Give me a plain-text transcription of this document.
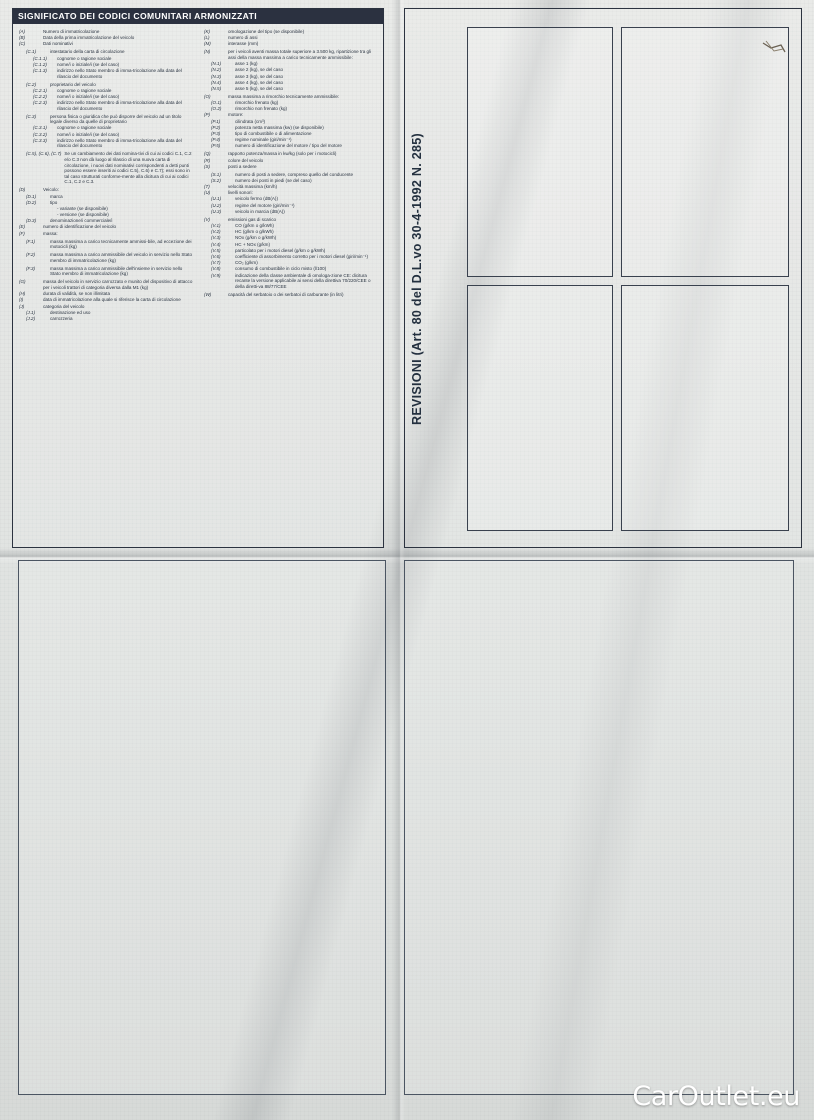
SIGNIFICATO DEI CODICI COMUNITARI ARMONIZZATI
(A)	Numero di immatricolazione
(B)	Data della prima immatricolazione del veicolo
(C)	Dati nominativi
(C.1)	intestatario della carta di circolazione
(C.1.1)	cognome o ragione sociale
(C.1.2)	nome/i o iniziale/i (se del caso)
(C.1.3)	indirizzo nello Stato membro di imma-tricolazione alla data del rilascio del documento
(C.2)	proprietario del veicolo
(C.2.1)	cognome o ragione sociale
(C.2.2)	nome/i o iniziale/i (se del caso)
(C.2.3)	indirizzo nello Stato membro di imma-tricolazione alla data del rilascio del documento
(C.3)	persona fisica o giuridica che può disporre del veicolo ad un titolo legale diverso da quelle di proprietario
(C.3.1)	cognome o ragione sociale
(C.3.2)	nome/i o iniziale/i (se del caso)
(C.3.3)	indirizzo nello Stato membro di imma-tricolazione alla data del rilascio del documento
(C.5), (C.6), (C.7) Se un cambiamento dei dati nomina-tivi di cui ai codici C.1, C.2 e/o C.3 non dà luogo al rilascio di una nuova carta di circolazione, i nuovi dati nominativi corrispondenti a detti punti possono essere inseriti ai codici C.5), C.6) e C.7); essi sono in tal caso strutturati conforme-mente alla dicitura di cui ai codici C.1, C.2 e C.3.
(D)	Veicolo:
(D.1)	marca
(D.2)	tipo
- variante (se disponibile)
- versione (se disponibile)
(D.3)	denominazione/i commerciale/i
(E)	numero di identificazione del veicolo
(F)	massa:
(F.1)	massa massima a carico tecnicamente ammissi-bile, ad eccezione dei motocicli (kg)
(F.2)	massa massima a carico ammissibile del veicolo in servizio nello Stato membro di immatricolazione (kg)
(F.3)	massa massima a carico ammissibile dell'insieme in servizio nello Stato membro di immatricolazione (kg)
(G)	massa del veicolo in servizio carrozzato e munito del dispositivo di attacco per i veicoli trattori di categoria diversa dalla M1 (kg)
(H)	durata di validità, se non illimitata
(I)	data di immatricolazione alla quale si riferisce la carta di circolazione
(J)	categoria del veicolo
(J.1)	destinazione ed uso
(J.2)	carrozzeria
(K)	omologazione del tipo (se disponibile)
(L)	numero di assi
(M)	interasse (mm)
(N)	per i veicoli aventi massa totale superiore a 3.500 kg, ripartizione tra gli assi della massa massima a carico tecnicamente ammissibile:
(N.1)	asse 1 (kg)
(N.2)	asse 2 (kg), se del caso
(N.3)	asse 3 (kg), se del caso
(N.4)	asse 4 (kg), se del caso
(N.5)	asse 5 (kg), se del caso
(O)	massa massima a rimorchio tecnicamente ammissibile:
(O.1)	rimorchio frenato (kg)
(O.2)	rimorchio non frenato (kg)
(P)	motore:
(P.1)	cilindrata (cm³)
(P.2)	potenza netta massima (kw) (se disponibile)
(P.3)	tipo di combustibile o di alimentazione
(P.4)	regime nominale (giri/min⁻¹)
(P.5)	numero di identificazione del motore / tipo del motore
(Q)	rapporto potenza/massa in kw/kg (solo per i motocicli)
(R)	colore del veicolo
(S)	posti a sedere
(S.1)	numero di posti a sedere, compreso quello del conducente
(S.2)	numero dei posti in piedi (se del caso)
(T)	velocità massima (km/h)
(U)	livelli sonori:
(U.1)	veicolo fermo (dB(A))
(U.2)	regime del motore (giri/min⁻¹)
(U.3)	veicolo in marcia (dB(A))
(V)	emissioni gas di scarico
(V.1)	CO (g/km o g/kWh)
(V.2)	HC (g/km o g/kWh)
(V.3)	NOx (g/km o g/kWh)
(V.4)	HC + NOx (g/km)
(V.5)	particolato per i motori diesel (g/km o g/kWh)
(V.6)	coefficiente di assorbimento corretto per i motori diesel (giri/min⁻¹)
(V.7)	CO₂ (g/km)
(V.8)	consumo di combustibile in ciclo misto (l/100)
(V.9)	indicazione della classe ambientale di omologa-zione CE: dicitura recante la versione applicabile ai sensi della direttiva 70/220/CEE o della diretti-va 88/77/CEE
(W)	capacità del serbatoio o dei serbatoi di carburante (in litri)	REVISIONI (Art. 80 del D.L.vo 30-4-1992 N. 285)
CarOutlet.eu
